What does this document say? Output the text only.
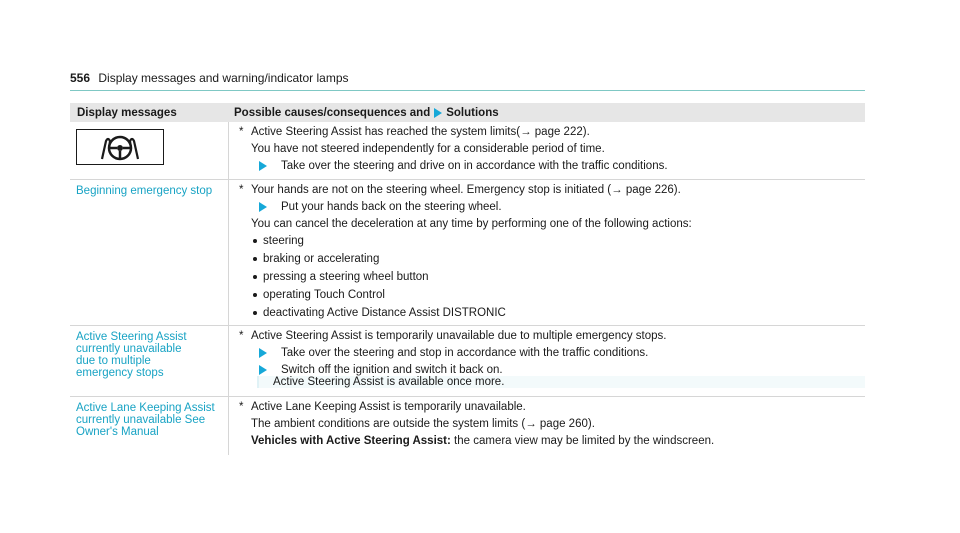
556 Display messages and warning/indicator lamps
Display messages	Possible causes/consequences and Solutions
* Active Steering Assist has reached the system limits(→ page 222).
You have not steered independently for a considerable period of time.
Take over the steering and drive on in accordance with the traffic conditions.
Beginning emergency stop	* Your hands are not on the steering wheel. Emergency stop is initiated (→ page 226).
Put your hands back on the steering wheel.
You can cancel the deceleration at any time by performing one of the following actions:
steering
braking or accelerating
pressing a steering wheel button
operating Touch Control
deactivating Active Distance Assist DISTRONIC
Active Steering Assist currently unavailable due to multiple emergency stops
* Active Steering Assist is temporarily unavailable due to multiple emergency stops.
Take over the steering and stop in accordance with the traffic conditions.
Switch off the ignition and switch it back on.
Active Steering Assist is available once more.
Active Lane Keeping Assist currently unavailable See Owner's Manual
* Active Lane Keeping Assist is temporarily unavailable.
The ambient conditions are outside the system limits (→ page 260).
Vehicles with Active Steering Assist: the camera view may be limited by the windscreen.
